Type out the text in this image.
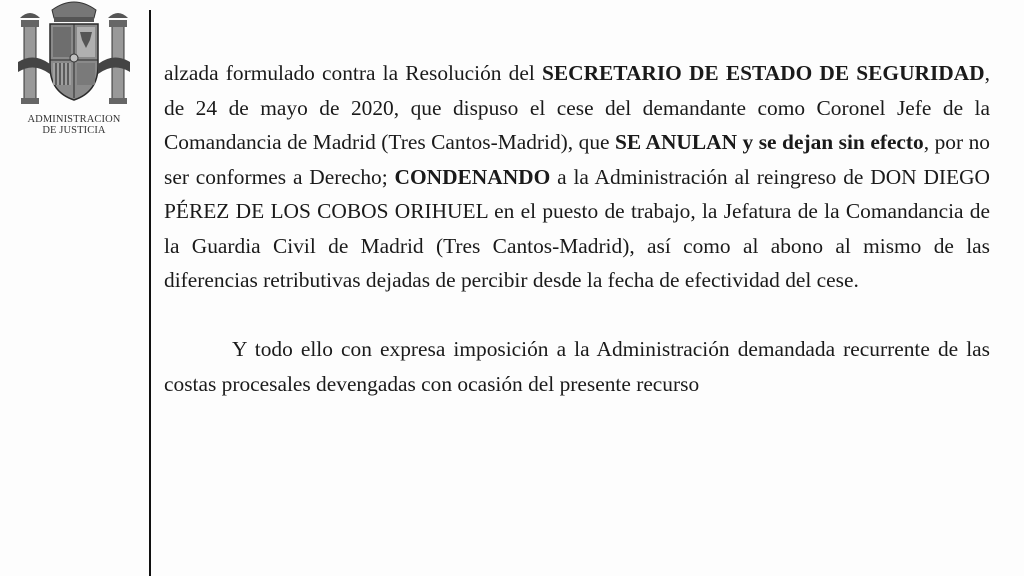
ADMINISTRACION
DE JUSTICIA

alzada formulado contra la Resolución del SECRETARIO DE ESTADO DE SEGURIDAD, de 24 de mayo de 2020, que dispuso el cese del demandante como Coronel Jefe de la Comandancia de Madrid (Tres Cantos-Madrid), que SE ANULAN y se dejan sin efecto, por no ser conformes a Derecho; CONDENANDO a la Administración al reingreso de DON DIEGO PÉREZ DE LOS COBOS ORIHUEL en el puesto de trabajo, la Jefatura de la Comandancia de la Guardia Civil de Madrid (Tres Cantos-Madrid), así como al abono al mismo de las diferencias retributivas dejadas de percibir desde la fecha de efectividad del cese.

Y todo ello con expresa imposición a la Administración demandada recurrente de las costas procesales devengadas con ocasión del presente recurso
